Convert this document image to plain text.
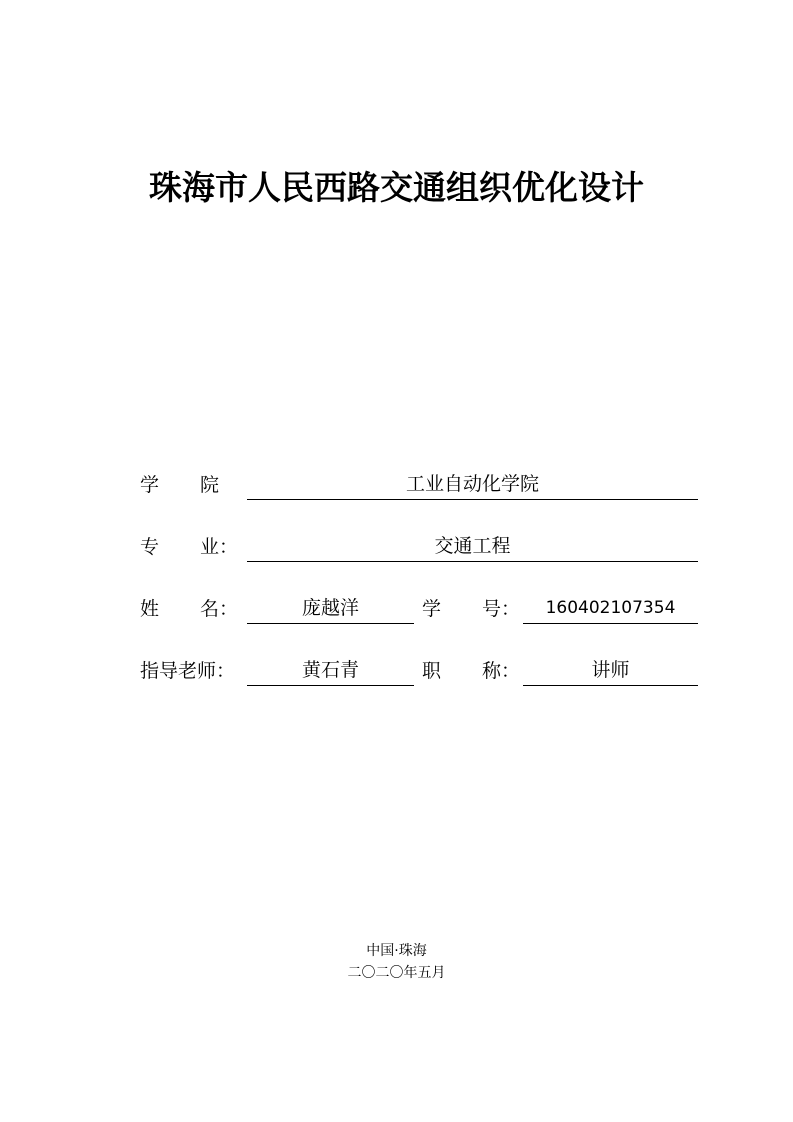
珠海市人民西路交通组织优化设计
学 院	工业自动化学院
专 业：	交通工程
姓 名：	庞越洋	学 号：	160402107354
指导老师：	黄石青	职 称：	讲师
中国·珠海
二〇二〇年五月
